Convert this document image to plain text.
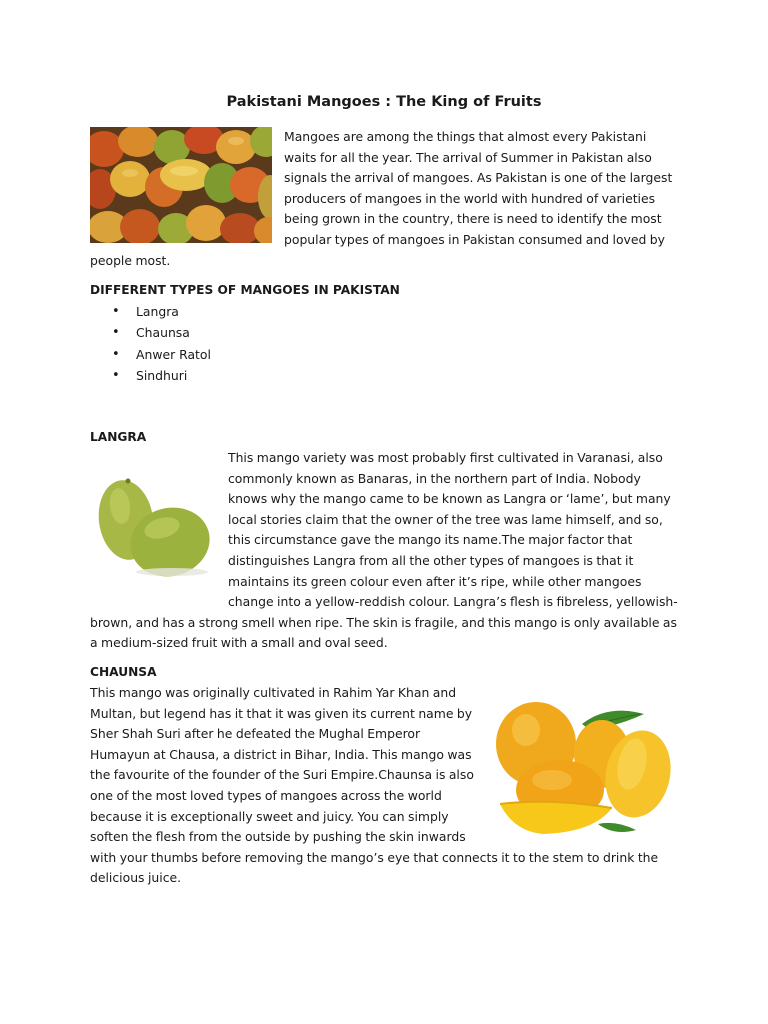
Pakistani Mangoes : The King of Fruits

Mangoes are among the things that almost every Pakistani
waits for all the year. The arrival of Summer in Pakistan also
signals the arrival of mangoes. As Pakistan is one of the largest
producers of mangoes in the world with hundred of varieties
being grown in the country, there is need to identify the most
popular types of mangoes in Pakistan consumed and loved by
people most.

DIFFERENT TYPES OF MANGOES IN PAKISTAN
• Langra
• Chaunsa
• Anwer Ratol
• Sindhuri
LANGRA

This mango variety was most probably first cultivated in Varanasi, also
commonly known as Banaras, in the northern part of India. Nobody
knows why the mango came to be known as Langra or ‘lame’, but many
local stories claim that the owner of the tree was lame himself, and so,
this circumstance gave the mango its name.The major factor that
distinguishes Langra from all the other types of mangoes is that it
maintains its green colour even after it’s ripe, while other mangoes
change into a yellow-reddish colour. Langra’s flesh is fibreless, yellowish-
brown, and has a strong smell when ripe. The skin is fragile, and this mango is only available as
a medium-sized fruit with a small and oval seed.

CHAUNSA

This mango was originally cultivated in Rahim Yar Khan and
Multan, but legend has it that it was given its current name by
Sher Shah Suri after he defeated the Mughal Emperor
Humayun at Chausa, a district in Bihar, India. This mango was
the favourite of the founder of the Suri Empire.Chaunsa is also
one of the most loved types of mangoes across the world
because it is exceptionally sweet and juicy. You can simply
soften the flesh from the outside by pushing the skin inwards
with your thumbs before removing the mango’s eye that connects it to the stem to drink the
delicious juice.
